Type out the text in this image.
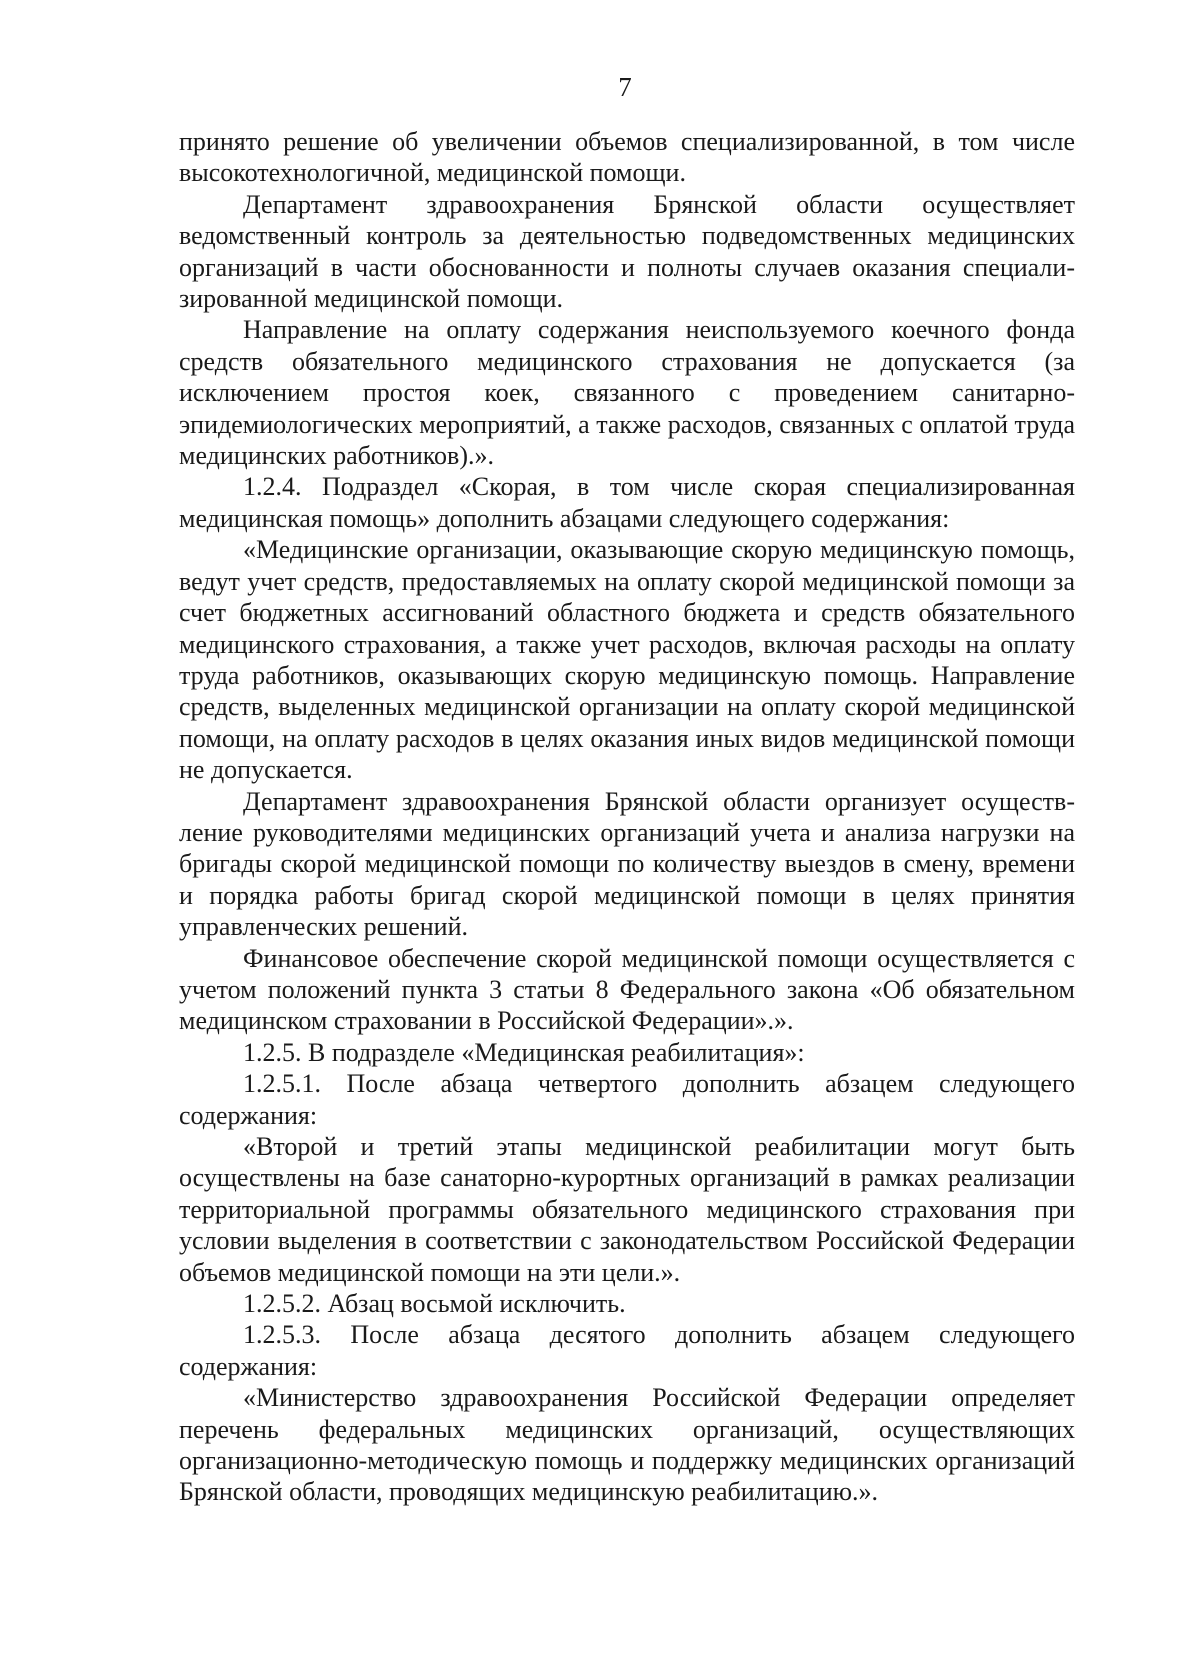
7

принято решение об увеличении объемов специализированной, в том числе высокотехнологичной, медицинской помощи.

Департамент здравоохранения Брянской области осуществляет ведомственный контроль за деятельностью подведомственных медицинских организаций в части обоснованности и полноты случаев оказания специализированной медицинской помощи.

Направление на оплату содержания неиспользуемого коечного фонда средств обязательного медицинского страхования не допускается (за исключением простоя коек, связанного с проведением санитарно-эпидемиологических мероприятий, а также расходов, связанных с оплатой труда медицинских работников).».

1.2.4. Подраздел «Скорая, в том числе скорая специализированная медицинская помощь» дополнить абзацами следующего содержания:

«Медицинские организации, оказывающие скорую медицинскую помощь, ведут учет средств, предоставляемых на оплату скорой медицинской помощи за счет бюджетных ассигнований областного бюджета и средств обязательного медицинского страхования, а также учет расходов, включая расходы на оплату труда работников, оказывающих скорую медицинскую помощь. Направление средств, выделенных медицинской организации на оплату скорой медицинской помощи, на оплату расходов в целях оказания иных видов медицинской помощи не допускается.

Департамент здравоохранения Брянской области организует осуществление руководителями медицинских организаций учета и анализа нагрузки на бригады скорой медицинской помощи по количеству выездов в смену, времени и порядка работы бригад скорой медицинской помощи в целях принятия управленческих решений.

Финансовое обеспечение скорой медицинской помощи осуществляется с учетом положений пункта 3 статьи 8 Федерального закона «Об обязательном медицинском страховании в Российской Федерации».».

1.2.5. В подразделе «Медицинская реабилитация»:

1.2.5.1. После абзаца четвертого дополнить абзацем следующего содержания:

«Второй и третий этапы медицинской реабилитации могут быть осуществлены на базе санаторно-курортных организаций в рамках реализации территориальной программы обязательного медицинского страхования при условии выделения в соответствии с законодательством Российской Федерации объемов медицинской помощи на эти цели.».

1.2.5.2. Абзац восьмой исключить.

1.2.5.3. После абзаца десятого дополнить абзацем следующего содержания:

«Министерство здравоохранения Российской Федерации определяет перечень федеральных медицинских организаций, осуществляющих организационно-методическую помощь и поддержку медицинских организаций Брянской области, проводящих медицинскую реабилитацию.».
